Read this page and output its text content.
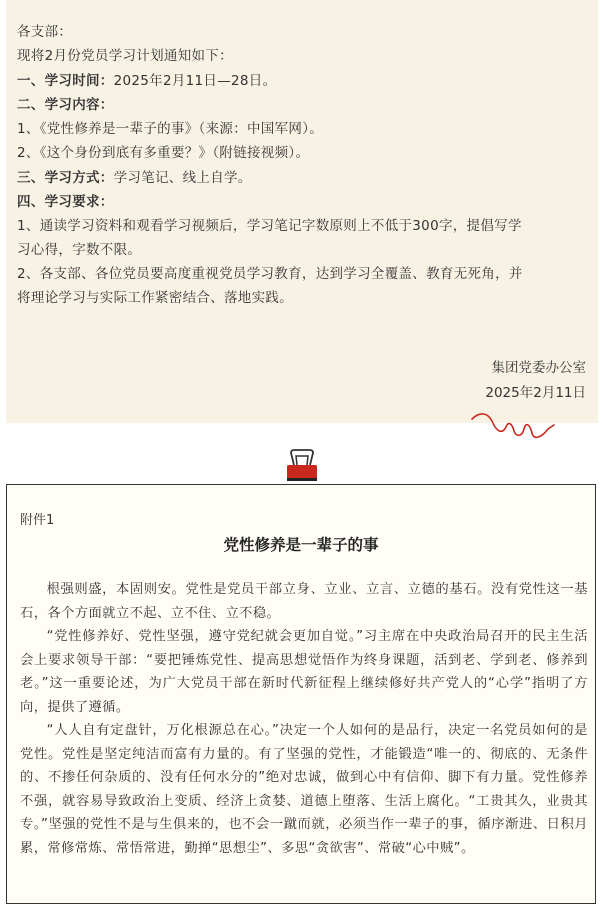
各支部：

现将2月份党员学习计划通知如下：

一、学习时间：2025年2月11日—28日。

二、学习内容：

1、《党性修养是一辈子的事》（来源：中国军网）。

2、《这个身份到底有多重要？》（附链接视频）。

三、学习方式：学习笔记、线上自学。

四、学习要求：

1、通读学习资料和观看学习视频后，学习笔记字数原则上不低于300字，提倡写学

习心得，字数不限。

2、各支部、各位党员要高度重视党员学习教育，达到学习全覆盖、教育无死角，并

将理论学习与实际工作紧密结合、落地实践。

集团党委办公室
2025年2月11日
附件1
党性修养是一辈子的事

根强则盛，本固则安。党性是党员干部立身、立业、立言、立德的基石。没有党性这一基石，各个方面就立不起、立不住、立不稳。

“党性修养好、党性坚强，遵守党纪就会更加自觉。”习主席在中央政治局召开的民主生活会上要求领导干部：“要把锤炼党性、提高思想觉悟作为终身课题，活到老、学到老、修养到老。”这一重要论述，为广大党员干部在新时代新征程上继续修好共产党人的“心学”指明了方向，提供了遵循。

“人人自有定盘针，万化根源总在心。”决定一个人如何的是品行，决定一名党员如何的是党性。党性是坚定纯洁而富有力量的。有了坚强的党性，才能锻造“唯一的、彻底的、无条件的、不掺任何杂质的、没有任何水分的”绝对忠诚，做到心中有信仰、脚下有力量。党性修养不强，就容易导致政治上变质、经济上贪婪、道德上堕落、生活上腐化。“工贵其久，业贵其专。”坚强的党性不是与生俱来的，也不会一蹴而就，必须当作一辈子的事，循序渐进、日积月累，常修常炼、常悟常进，勤掸“思想尘”、多思“贪欲害”、常破“心中贼”。
